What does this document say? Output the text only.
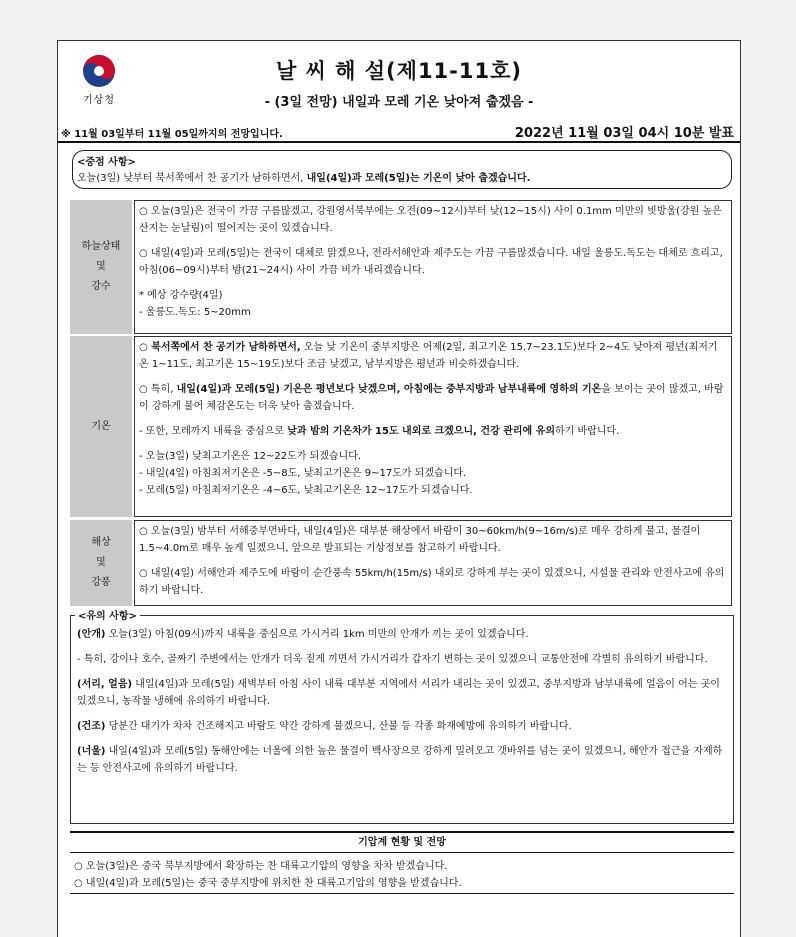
기상청
날 씨 해 설(제11-11호)
- (3일 전망) 내일과 모레 기온 낮아져 춥겠음 -
※ 11월 03일부터 11월 05일까지의 전망입니다.	2022년 11월 03일 04시 10분 발표
<중점 사항>
오늘(3일) 낮부터 북서쪽에서 찬 공기가 남하하면서, 내일(4일)과 모레(5일)는 기온이 낮아 춥겠습니다.
하늘상태
및
강수

○ 오늘(3일)은 전국이 가끔 구름많겠고, 강원영서북부에는 오전(09~12시)부터 낮(12~15시) 사이 0.1mm 미만의 빗방울(강원 높은 산지는 눈날림)이 떨어지는 곳이 있겠습니다.

○ 내일(4일)과 모레(5일)는 전국이 대체로 맑겠으나, 전라서해안과 제주도는 가끔 구름많겠습니다. 내일 울릉도.독도는 대체로 흐리고, 아침(06~09시)부터 밤(21~24시) 사이 가끔 비가 내리겠습니다.

* 예상 강수량(4일)

- 울릉도.독도: 5~20mm

기온

○ 북서쪽에서 찬 공기가 남하하면서, 오늘 낮 기온이 중부지방은 어제(2일, 최고기온 15.7~23.1도)보다 2~4도 낮아져 평년(최저기온 1~11도, 최고기온 15~19도)보다 조금 낮겠고, 남부지방은 평년과 비슷하겠습니다.

○ 특히, 내일(4일)과 모레(5일) 기온은 평년보다 낮겠으며, 아침에는 중부지방과 남부내륙에 영하의 기온을 보이는 곳이 많겠고, 바람이 강하게 불어 체감온도는 더욱 낮아 춥겠습니다.

- 또한, 모레까지 내륙을 중심으로 낮과 밤의 기온차가 15도 내외로 크겠으니, 건강 관리에 유의하기 바랍니다.

- 오늘(3일) 낮최고기온은 12~22도가 되겠습니다.

- 내일(4일) 아침최저기온은 -5~8도, 낮최고기온은 9~17도가 되겠습니다.

- 모레(5일) 아침최저기온은 -4~6도, 낮최고기온은 12~17도가 되겠습니다.

해상
및
강풍

○ 오늘(3일) 밤부터 서해중부먼바다, 내일(4일)은 대부분 해상에서 바람이 30~60km/h(9~16m/s)로 매우 강하게 불고, 물결이 1.5~4.0m로 매우 높게 일겠으니, 앞으로 발표되는 기상정보를 참고하기 바랍니다.

○ 내일(4일) 서해안과 제주도에 바람이 순간풍속 55km/h(15m/s) 내외로 강하게 부는 곳이 있겠으니, 시설물 관리와 안전사고에 유의하기 바랍니다.

<유의 사항>

(안개) 오늘(3일) 아침(09시)까지 내륙을 중심으로 가시거리 1km 미만의 안개가 끼는 곳이 있겠습니다.

- 특히, 강이나 호수, 골짜기 주변에서는 안개가 더욱 짙게 끼면서 가시거리가 갑자기 변하는 곳이 있겠으니 교통안전에 각별히 유의하기 바랍니다.

(서리, 얼음) 내일(4일)과 모레(5일) 새벽부터 아침 사이 내륙 대부분 지역에서 서리가 내리는 곳이 있겠고, 중부지방과 남부내륙에 얼음이 어는 곳이 있겠으니, 농작물 냉해에 유의하기 바랍니다.

(건조) 당분간 대기가 차차 건조해지고 바람도 약간 강하게 불겠으니, 산불 등 각종 화재예방에 유의하기 바랍니다.

(너울) 내일(4일)과 모레(5일) 동해안에는 너울에 의한 높은 물결이 백사장으로 강하게 밀려오고 갯바위를 넘는 곳이 있겠으니, 해안가 접근을 자제하는 등 안전사고에 유의하기 바랍니다.

기압계 현황 및 전망
○ 오늘(3일)은 중국 북부지방에서 확장하는 찬 대륙고기압의 영향을 차차 받겠습니다.
○ 내일(4일)과 모레(5일)는 중국 중부지방에 위치한 찬 대륙고기압의 영향을 받겠습니다.
